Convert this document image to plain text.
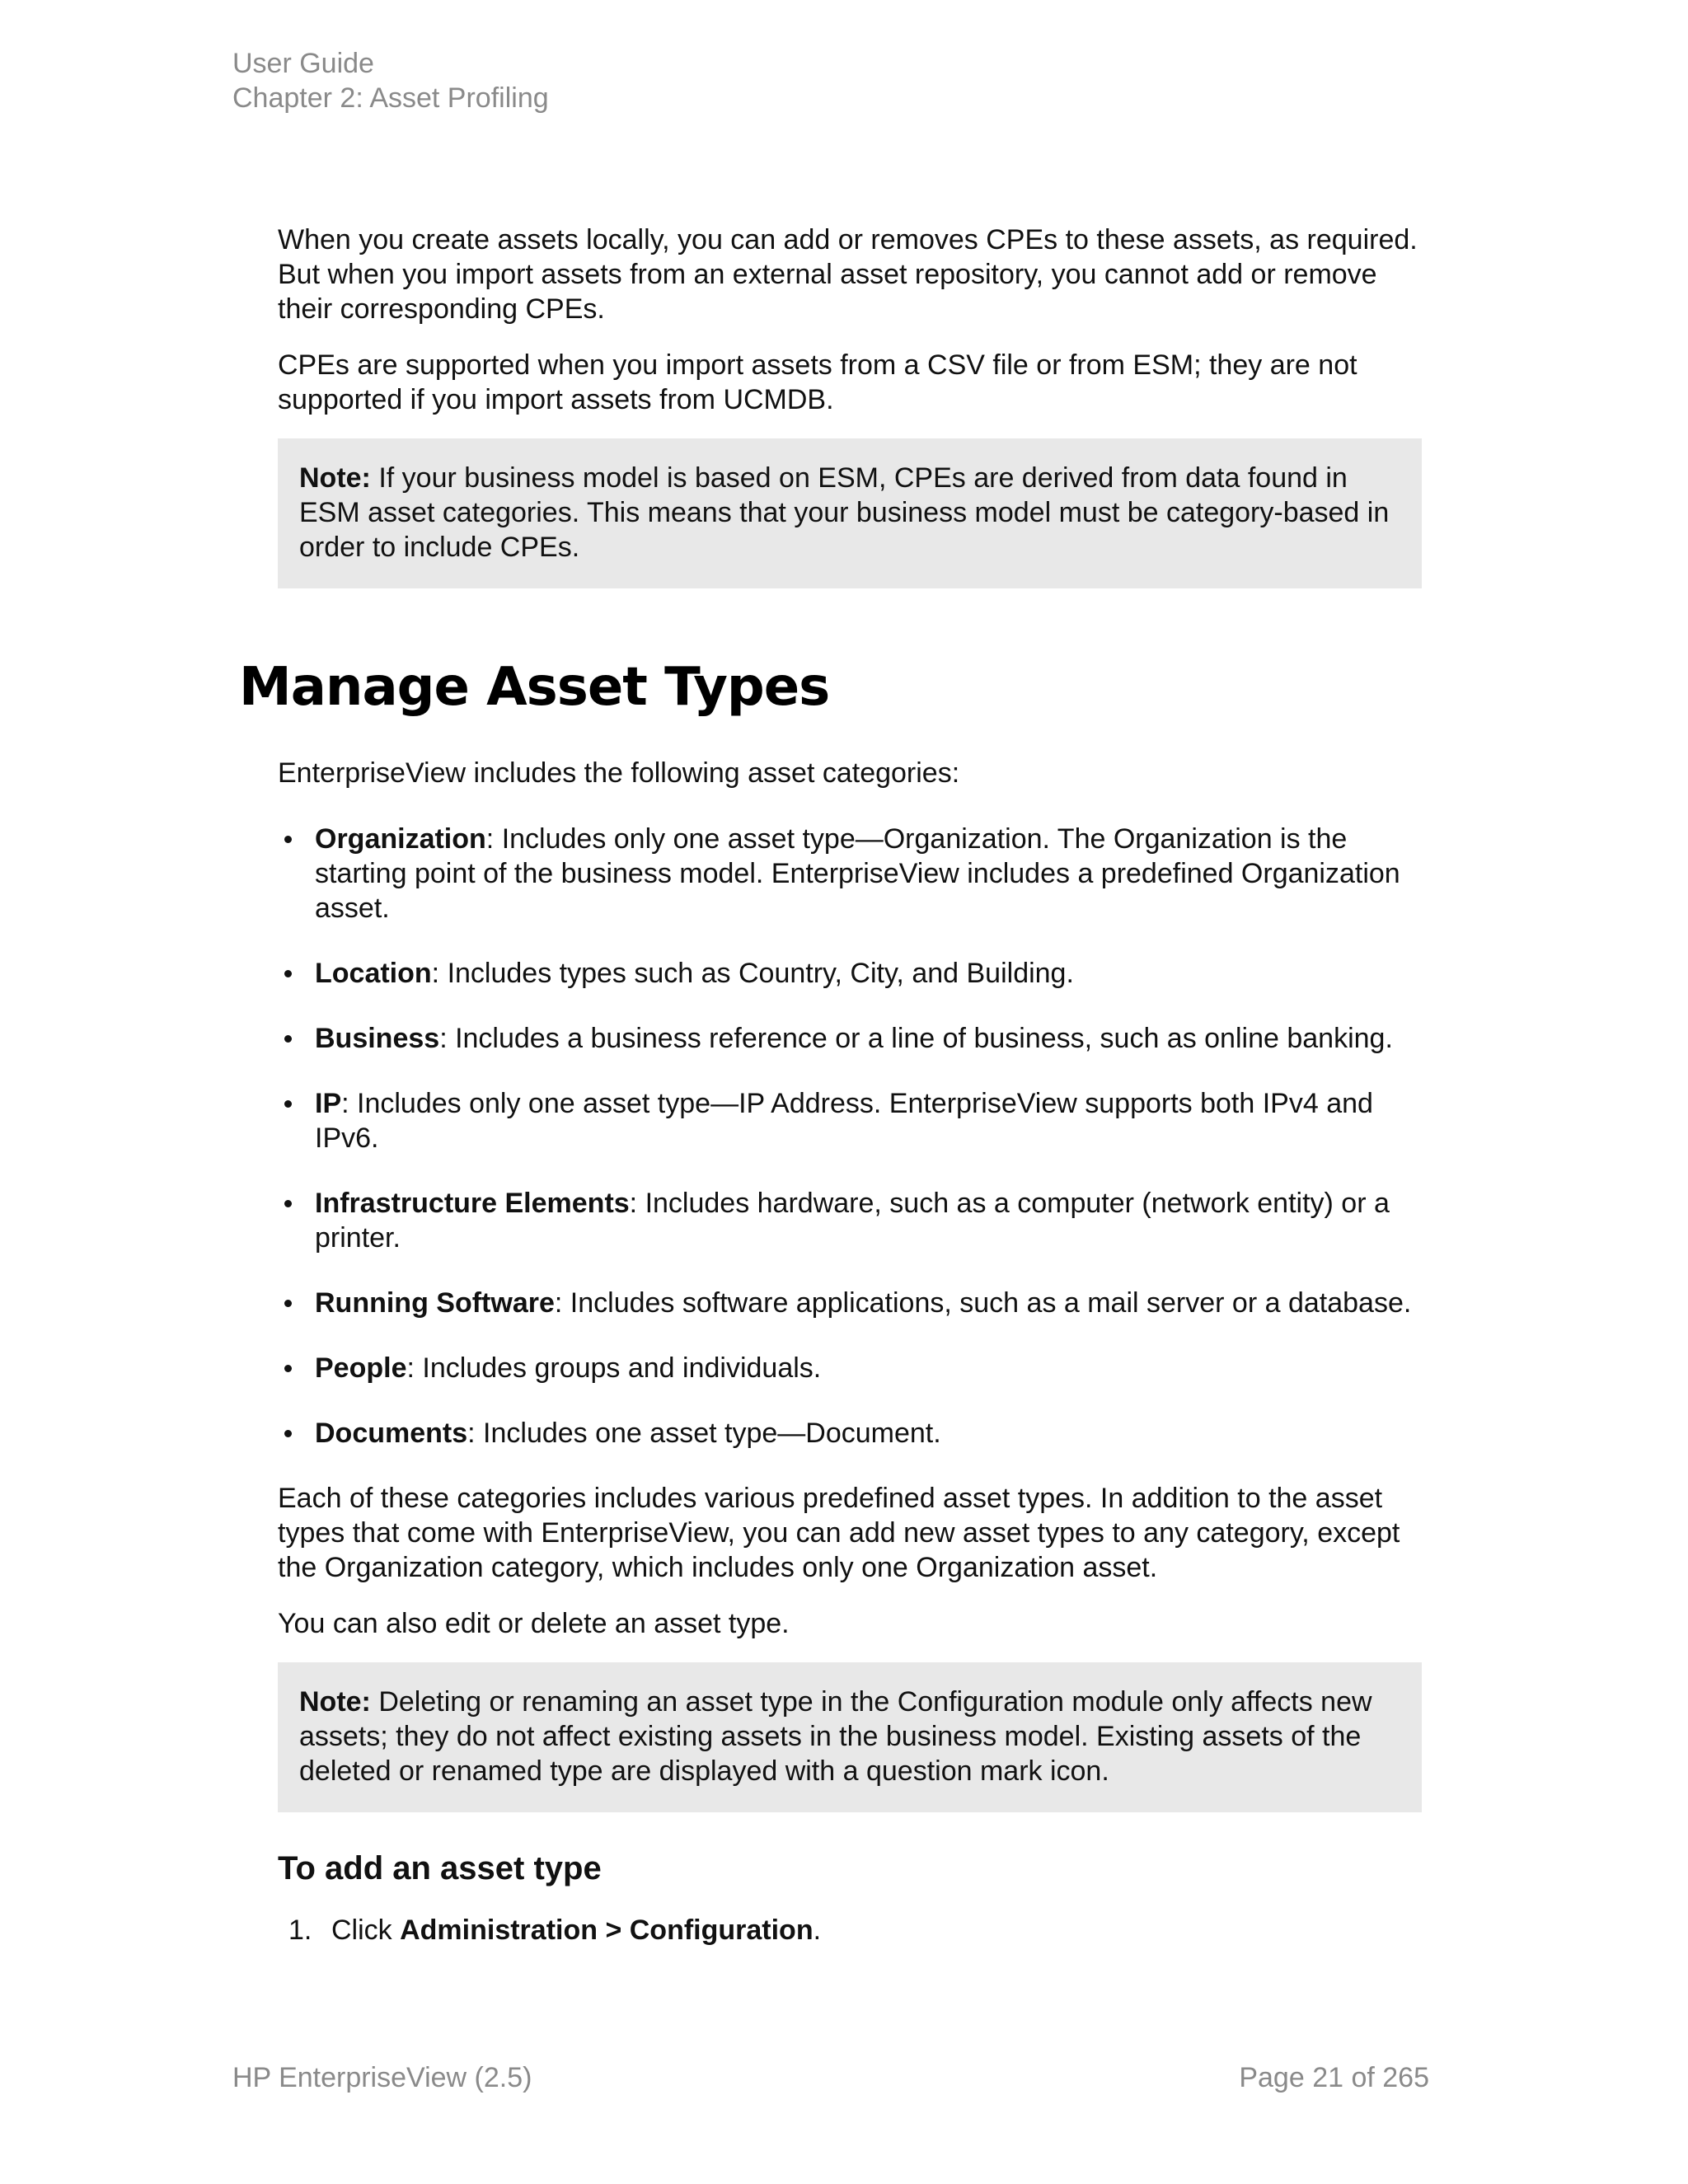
User Guide
Chapter 2: Asset Profiling

When you create assets locally, you can add or removes CPEs to these assets, as required. But when you import assets from an external asset repository, you cannot add or remove their corresponding CPEs.

CPEs are supported when you import assets from a CSV file or from ESM; they are not supported if you import assets from UCMDB.

Note: If your business model is based on ESM, CPEs are derived from data found in ESM asset categories. This means that your business model must be category-based in order to include CPEs.
Manage Asset Types

EnterpriseView includes the following asset categories:

Organization: Includes only one asset type—Organization. The Organization is the starting point of the business model. EnterpriseView includes a predefined Organization asset.
Location: Includes types such as Country, City, and Building.
Business: Includes a business reference or a line of business, such as online banking.
IP: Includes only one asset type—IP Address. EnterpriseView supports both IPv4 and IPv6.
Infrastructure Elements: Includes hardware, such as a computer (network entity) or a printer.
Running Software: Includes software applications, such as a mail server or a database.
People: Includes groups and individuals.
Documents: Includes one asset type—Document.

Each of these categories includes various predefined asset types. In addition to the asset types that come with EnterpriseView, you can add new asset types to any category, except the Organization category, which includes only one Organization asset.

You can also edit or delete an asset type.

Note: Deleting or renaming an asset type in the Configuration module only affects new assets; they do not affect existing assets in the business model. Existing assets of the deleted or renamed type are displayed with a question mark icon.
To add an asset type
1. Click Administration > Configuration.
HP EnterpriseView (2.5)	Page 21 of 265
